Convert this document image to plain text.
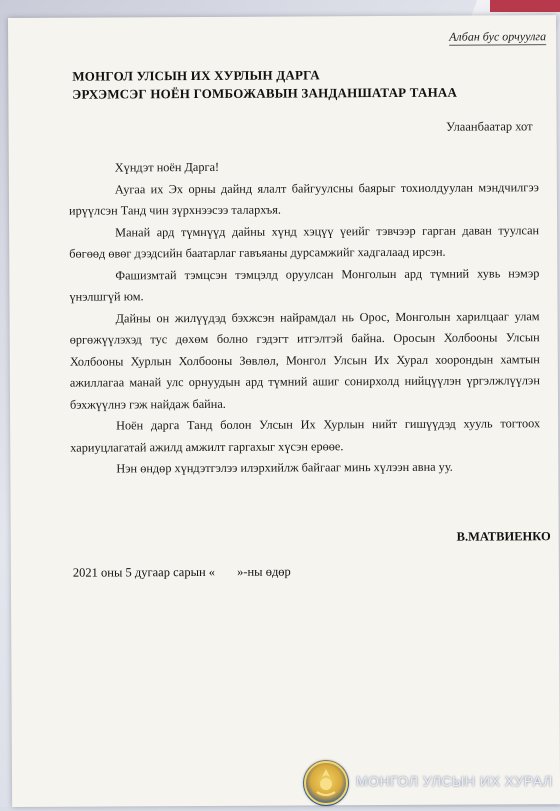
Албан бус орчуулга
МОНГОЛ УЛСЫН ИХ ХУРЛЫН ДАРГА
ЭРХЭМСЭГ НОЁН ГОМБОЖАВЫН ЗАНДАНШАТАР ТАНАА
Улаанбаатар хот

Хүндэт ноён Дарга!

Аугаа их Эх орны дайнд ялалт байгуулсны баярыг тохиолдуулан мэндчилгээ ирүүлсэн Танд чин зүрхнээсээ талархъя.

Манай ард түмнүүд дайны хүнд хэцүү үеийг тэвчээр гарган даван туулсан бөгөөд өвөг дээдсийн баатарлаг гавъяаны дурсамжийг хадгалаад ирсэн.

Фашизмтай тэмцсэн тэмцэлд оруулсан Монголын ард түмний хувь нэмэр үнэлшгүй юм.

Дайны он жилүүдэд бэхжсэн найрамдал нь Орос, Монголын харилцааг улам өргөжүүлэхэд тус дөхөм болно гэдэгт итгэлтэй байна. Оросын Холбооны Улсын Холбооны Хурлын Холбооны Зөвлөл, Монгол Улсын Их Хурал хоорондын хамтын ажиллагаа манай улс орнуудын ард түмний ашиг сонирхолд нийцүүлэн үргэлжлүүлэн бэхжүүлнэ гэж найдаж байна.

Ноён дарга Танд болон Улсын Их Хурлын нийт гишүүдэд хууль тогтоох хариуцлагатай ажилд амжилт гаргахыг хүсэн ерөөе.

Нэн өндөр хүндэтгэлээ илэрхийлж байгааг минь хүлээн авна уу.

В.МАТВИЕНКО
2021 оны 5 дугаар сарын « »-ны өдөр
МОНГОЛ УЛСЫН ИХ ХУРАЛ
